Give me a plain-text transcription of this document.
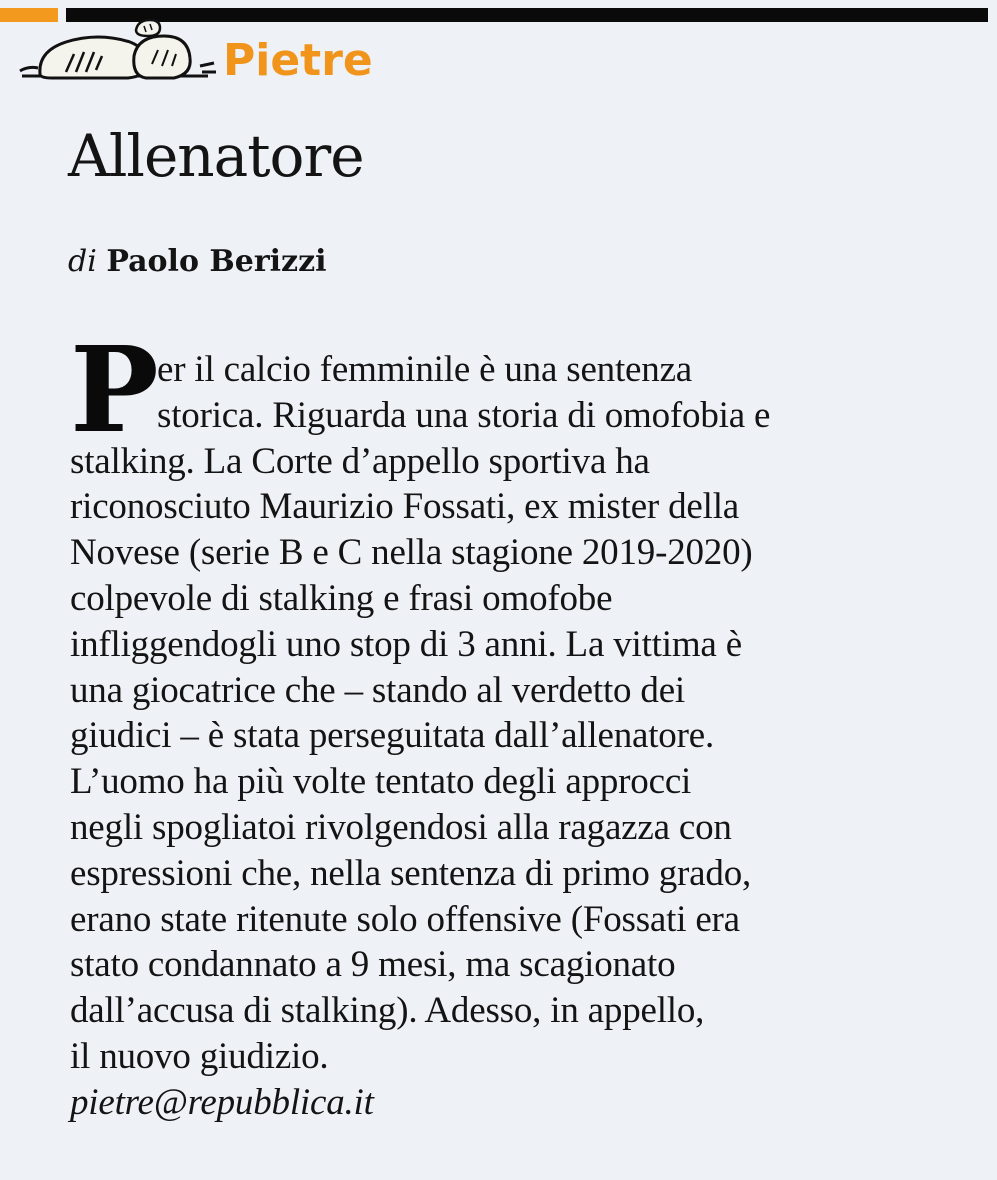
Pietre
Allenatore

di Paolo Berizzi

P
er il calcio femminile è una sentenza
storica. Riguarda una storia di omofobia e
stalking. La Corte d’appello sportiva ha
riconosciuto Maurizio Fossati, ex mister della
Novese (serie B e C nella stagione 2019-2020)
colpevole di stalking e frasi omofobe
infliggendogli uno stop di 3 anni. La vittima è
una giocatrice che – stando al verdetto dei
giudici – è stata perseguitata dall’allenatore.
L’uomo ha più volte tentato degli approcci
negli spogliatoi rivolgendosi alla ragazza con
espressioni che, nella sentenza di primo grado,
erano state ritenute solo offensive (Fossati era
stato condannato a 9 mesi, ma scagionato
dall’accusa di stalking). Adesso, in appello,
il nuovo giudizio.
pietre@repubblica.it
